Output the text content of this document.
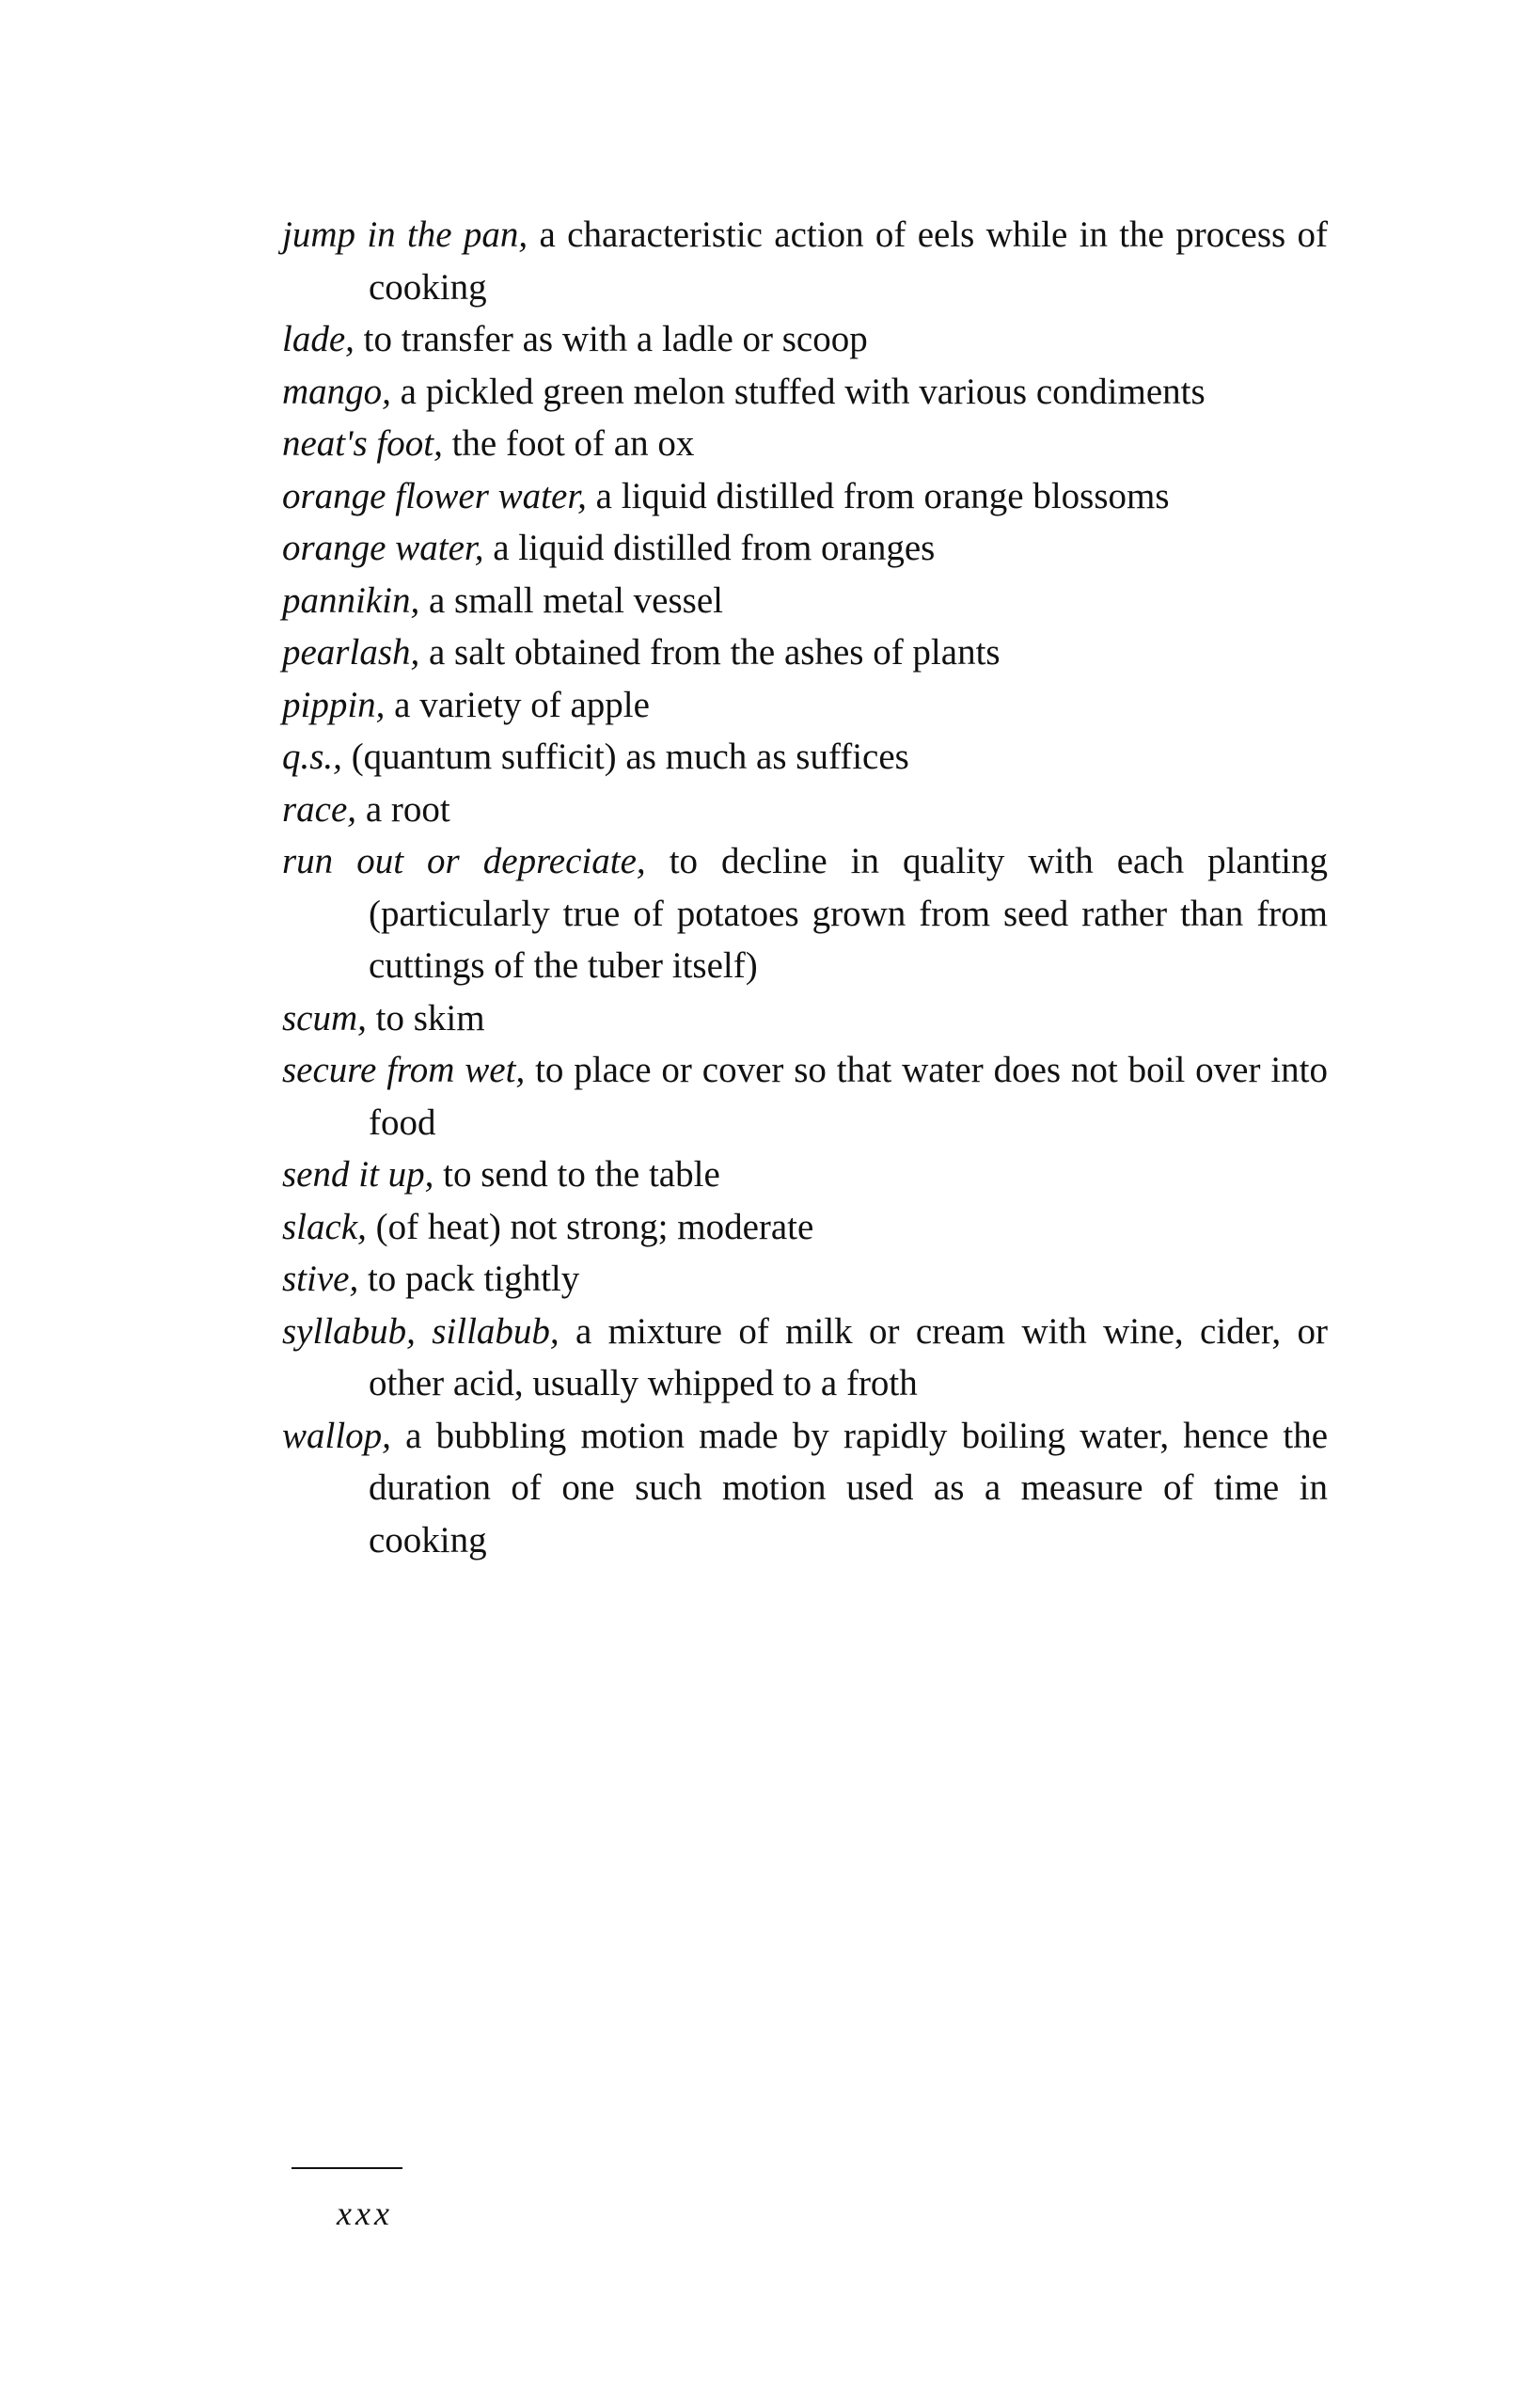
jump in the pan, a characteristic action of eels while in the process of cooking

lade, to transfer as with a ladle or scoop

mango, a pickled green melon stuffed with various condiments

neat's foot, the foot of an ox

orange flower water, a liquid distilled from orange blossoms

orange water, a liquid distilled from oranges

pannikin, a small metal vessel

pearlash, a salt obtained from the ashes of plants

pippin, a variety of apple

q.s., (quantum sufficit) as much as suffices

race, a root

run out or depreciate, to decline in quality with each planting (particularly true of potatoes grown from seed rather than from cuttings of the tuber itself)

scum, to skim

secure from wet, to place or cover so that water does not boil over into food

send it up, to send to the table

slack, (of heat) not strong; moderate

stive, to pack tightly

syllabub, sillabub, a mixture of milk or cream with wine, cider, or other acid, usually whipped to a froth

wallop, a bubbling motion made by rapidly boiling water, hence the duration of one such motion used as a measure of time in cooking

xxx
